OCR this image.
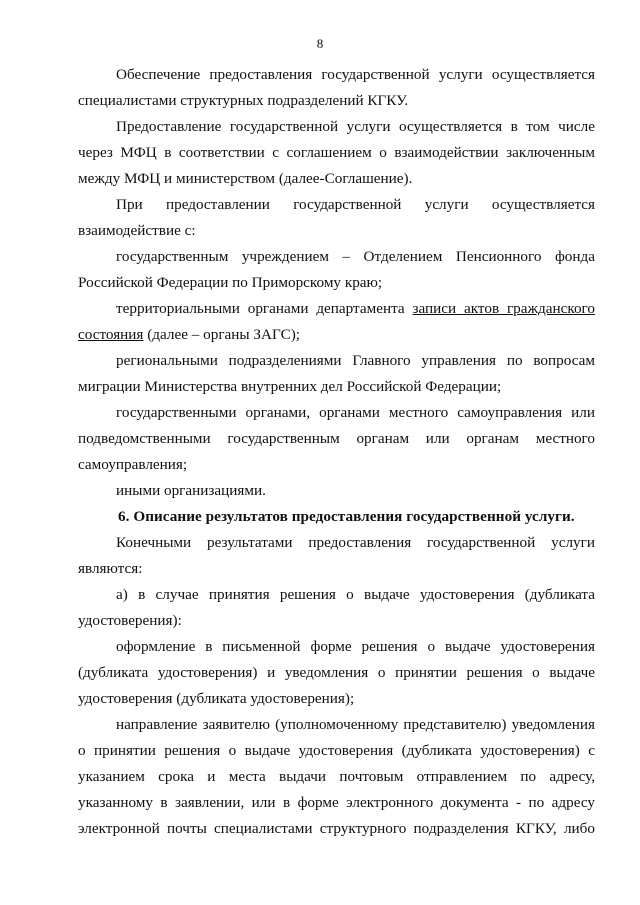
8

Обеспечение предоставления государственной услуги осуществляется специалистами структурных подразделений КГКУ.

Предоставление государственной услуги осуществляется в том числе через МФЦ в соответствии с соглашением о взаимодействии заключенным между МФЦ и министерством (далее-Соглашение).

При предоставлении государственной услуги осуществляется взаимодействие с:

государственным учреждением – Отделением Пенсионного фонда Российской Федерации по Приморскому краю;

территориальными органами департамента записи актов гражданского состояния (далее – органы ЗАГС);

региональными подразделениями Главного управления по вопросам миграции Министерства внутренних дел Российской Федерации;

государственными органами, органами местного самоуправления или подведомственными государственным органам или органам местного самоуправления;

иными организациями.

6. Описание результатов предоставления государственной услуги.

Конечными результатами предоставления государственной услуги являются:

а) в случае принятия решения о выдаче удостоверения (дубликата удостоверения):

оформление в письменной форме решения о выдаче удостоверения (дубликата удостоверения) и уведомления о принятии решения о выдаче удостоверения (дубликата удостоверения);

направление заявителю (уполномоченному представителю) уведомления о принятии решения о выдаче удостоверения (дубликата удостоверения) с указанием срока и места выдачи почтовым отправлением по адресу, указанному в заявлении, или в форме электронного документа - по адресу электронной почты специалистами структурного подразделения КГКУ, либо
